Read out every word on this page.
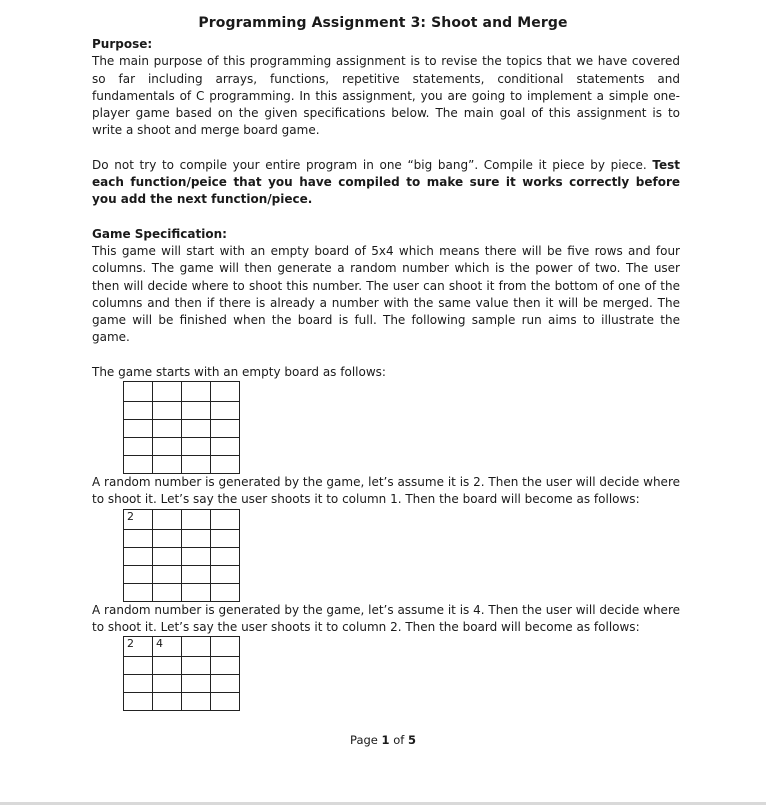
Programming Assignment 3: Shoot and Merge

Purpose:

The main purpose of this programming assignment is to revise the topics that we have covered so far including arrays, functions, repetitive statements, conditional statements and fundamentals of C programming. In this assignment, you are going to implement a simple one-player game based on the given specifications below. The main goal of this assignment is to write a shoot and merge board game.

Do not try to compile your entire program in one “big bang”. Compile it piece by piece. Test each function/peice that you have compiled to make sure it works correctly before you add the next function/piece.

Game Specification:

This game will start with an empty board of 5x4 which means there will be five rows and four columns. The game will then generate a random number which is the power of two. The user then will decide where to shoot this number. The user can shoot it from the bottom of one of the columns and then if there is already a number with the same value then it will be merged. The game will be finished when the board is full. The following sample run aims to illustrate the game.

The game starts with an empty board as follows:

A random number is generated by the game, let’s assume it is 2. Then the user will decide where to shoot it. Let’s say the user shoots it to column 1. Then the board will become as follows:

2			

A random number is generated by the game, let’s assume it is 4. Then the user will decide where to shoot it. Let’s say the user shoots it to column 2. Then the board will become as follows:

2	4		

Page 1 of 5
